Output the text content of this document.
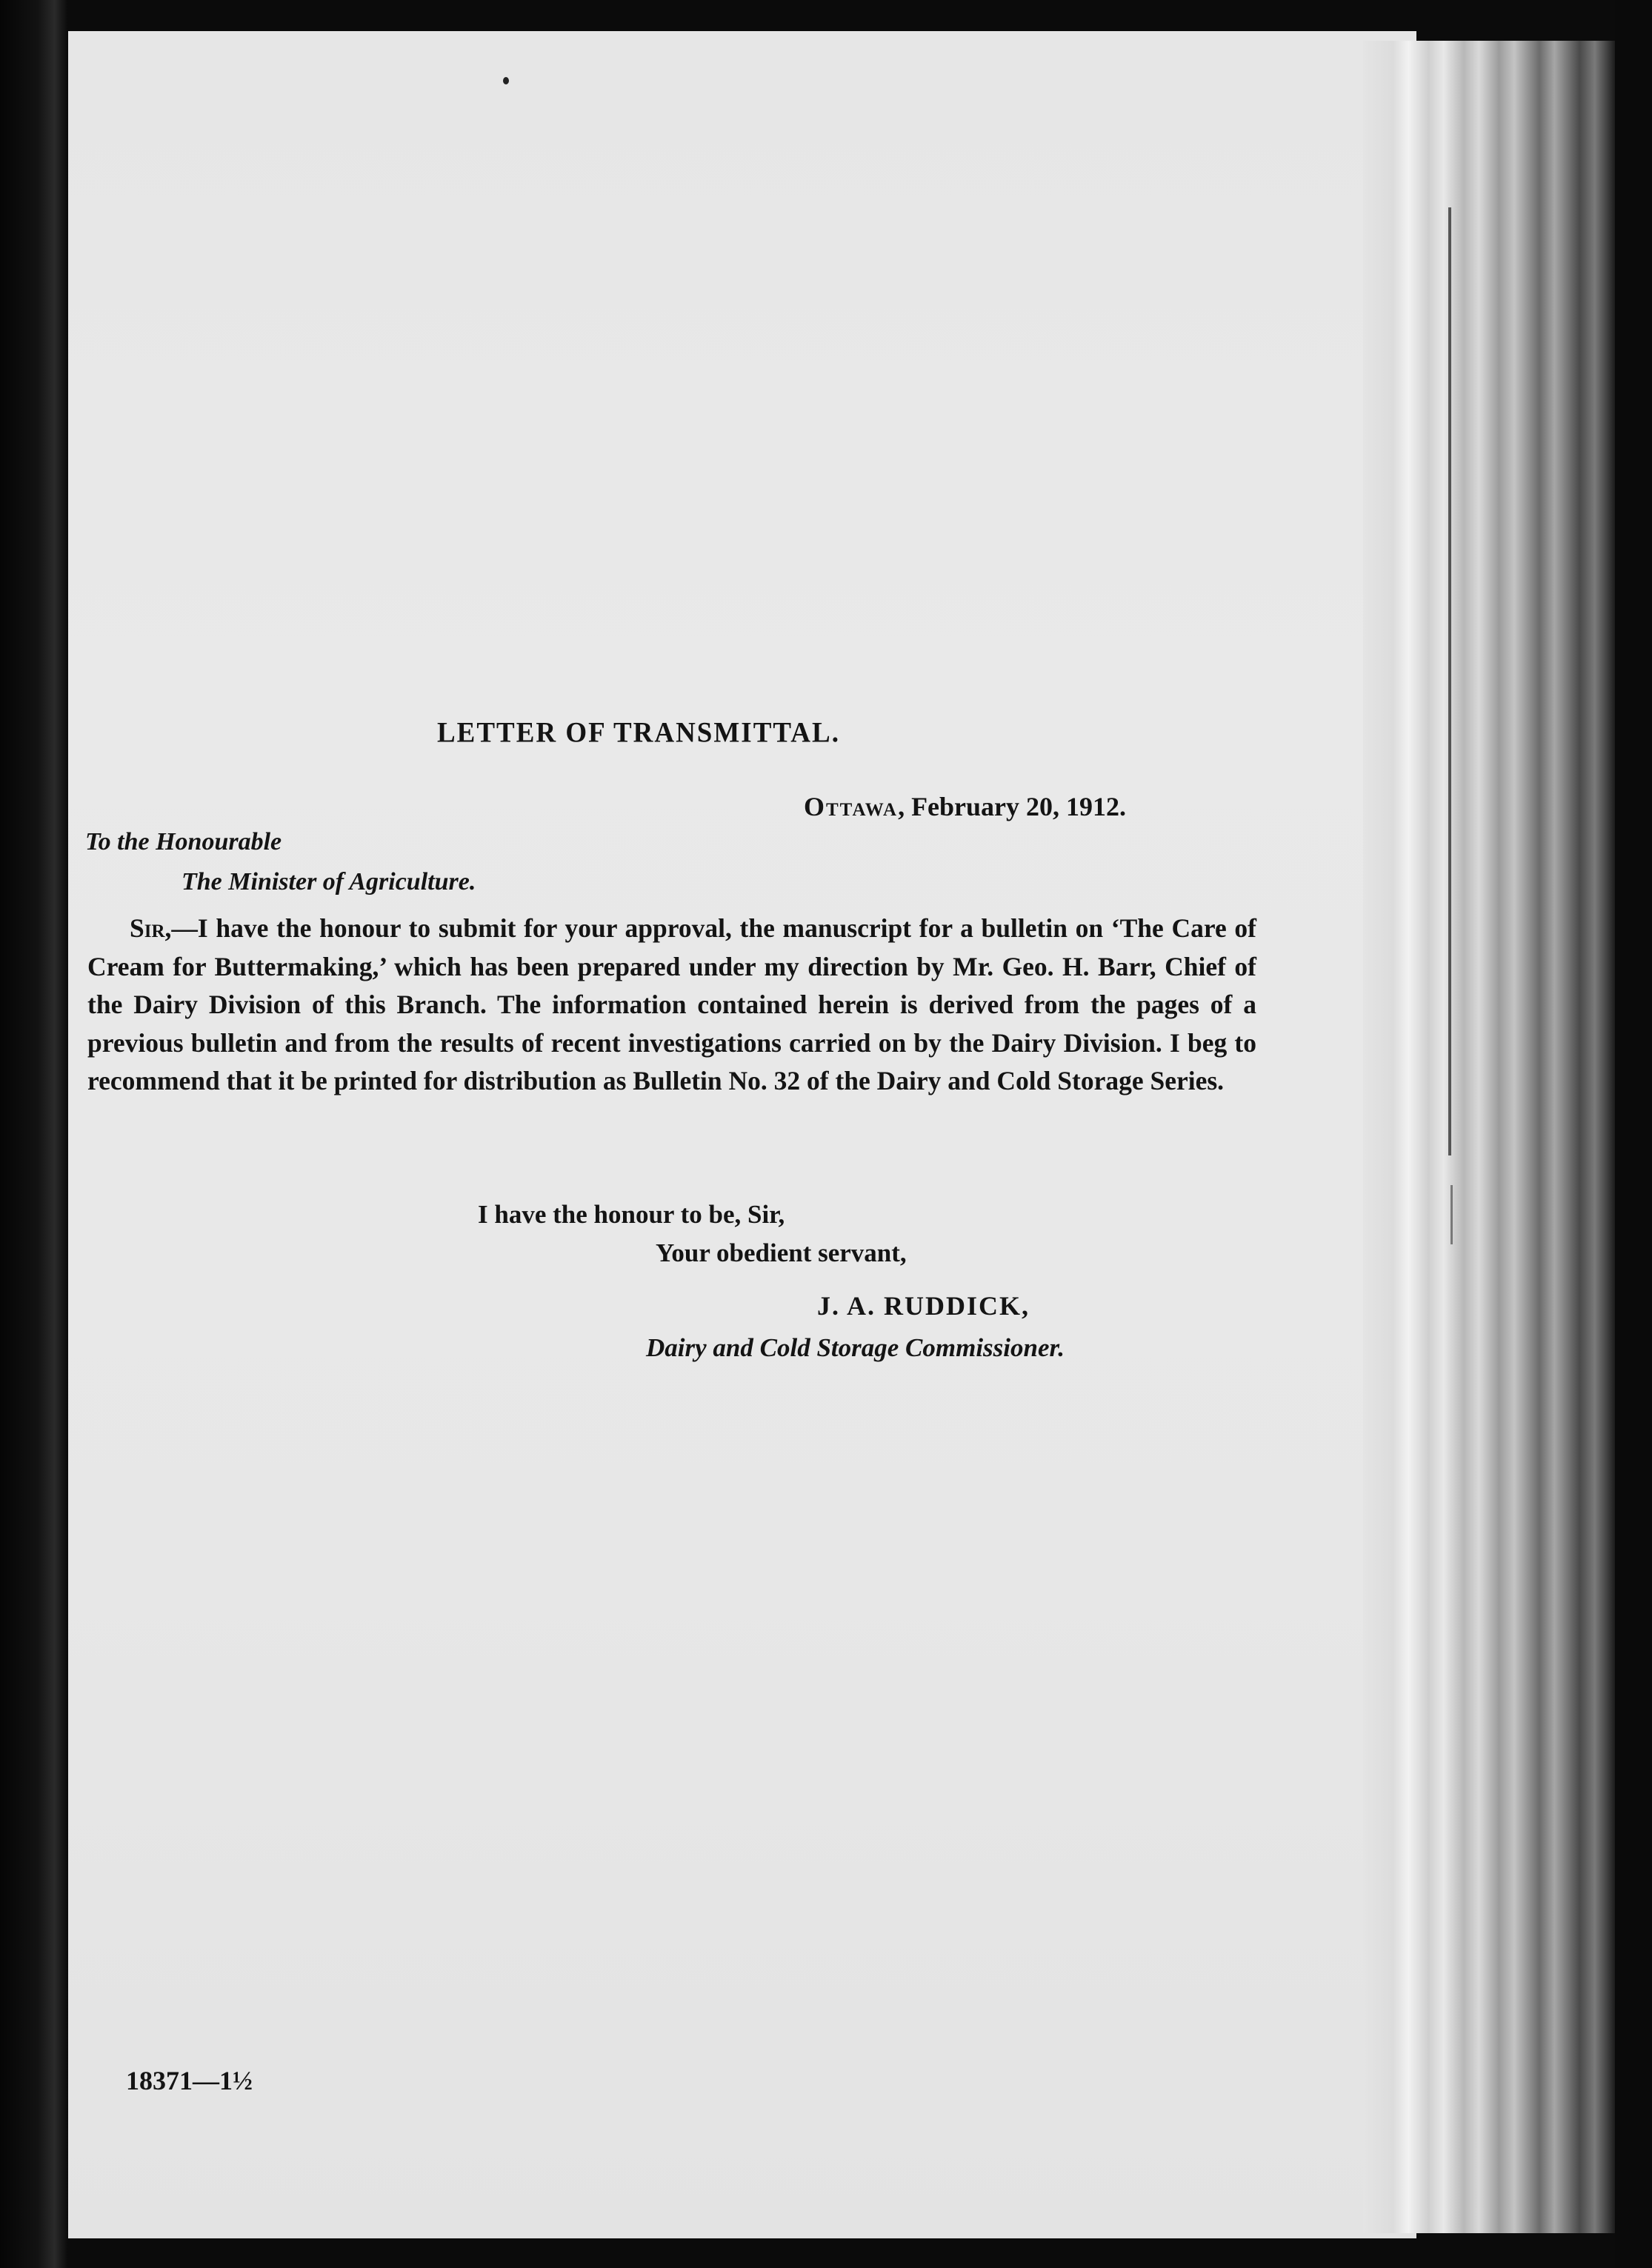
LETTER OF TRANSMITTAL.

Ottawa, February 20, 1912.

To the Honourable

The Minister of Agriculture.

Sir,—I have the honour to submit for your approval, the manuscript for a bulletin on ‘The Care of Cream for Buttermaking,’ which has been prepared under my direction by Mr. Geo. H. Barr, Chief of the Dairy Division of this Branch. The information contained herein is derived from the pages of a previous bulletin and from the results of recent investigations carried on by the Dairy Division. I beg to recommend that it be printed for distribution as Bulletin No. 32 of the Dairy and Cold Storage Series.

I have the honour to be, Sir,

Your obedient servant,

J. A. RUDDICK,

Dairy and Cold Storage Commissioner.

18371—1½
